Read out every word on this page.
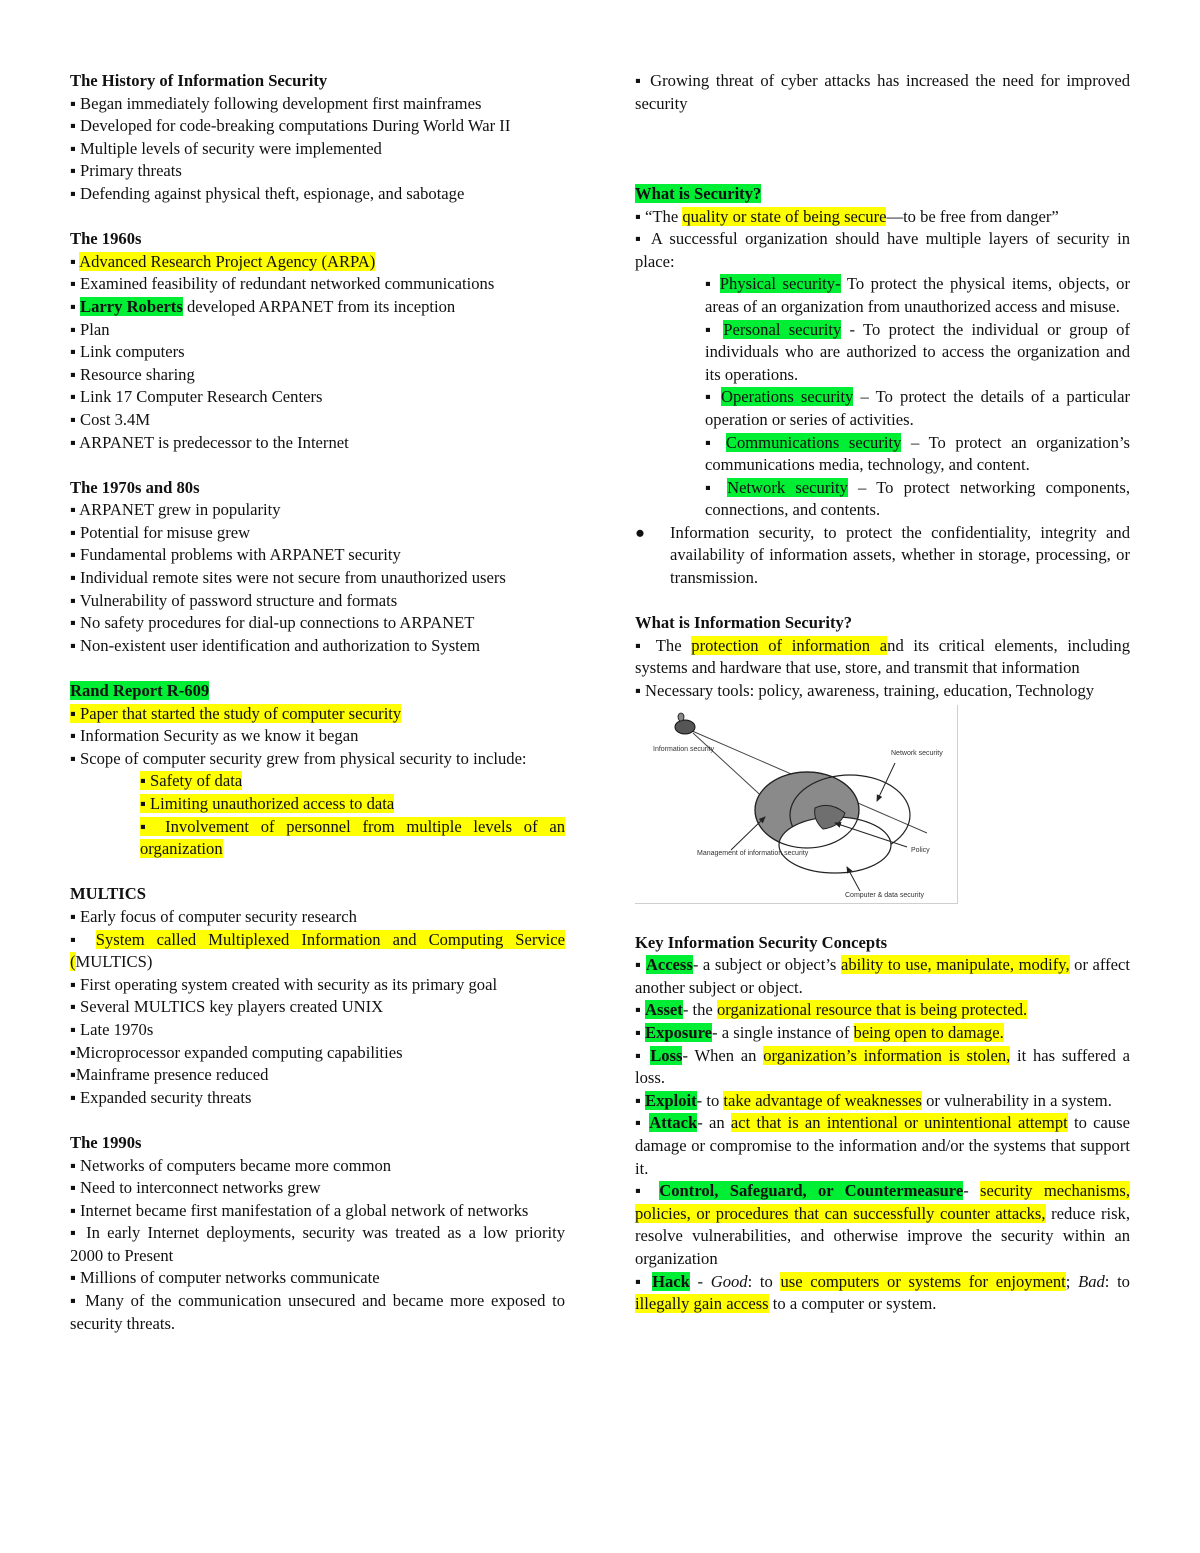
The History of Information Security

▪ Began immediately following development first mainframes

▪ Developed for code-breaking computations During World War II

▪ Multiple levels of security were implemented

▪ Primary threats

▪ Defending against physical theft, espionage, and sabotage

The 1960s

▪ Advanced Research Project Agency (ARPA)

▪ Examined feasibility of redundant networked communications

▪ Larry Roberts developed ARPANET from its inception

▪ Plan

▪ Link computers

▪ Resource sharing

▪ Link 17 Computer Research Centers

▪ Cost 3.4M

▪ ARPANET is predecessor to the Internet

The 1970s and 80s

▪ ARPANET grew in popularity

▪ Potential for misuse grew

▪ Fundamental problems with ARPANET security

▪ Individual remote sites were not secure from unauthorized users

▪ Vulnerability of password structure and formats

▪ No safety procedures for dial-up connections to ARPANET

▪ Non-existent user identification and authorization to System

Rand Report R-609

▪ Paper that started the study of computer security

▪ Information Security as we know it began

▪ Scope of computer security grew from physical security to include:

▪ Safety of data

▪ Limiting unauthorized access to data

▪ Involvement of personnel from multiple levels of an organization

MULTICS

▪ Early focus of computer security research

▪ System called Multiplexed Information and Computing Service (MULTICS)

▪ First operating system created with security as its primary goal

▪ Several MULTICS key players created UNIX

▪ Late 1970s

▪Microprocessor expanded computing capabilities

▪Mainframe presence reduced

▪ Expanded security threats

The 1990s

▪ Networks of computers became more common

▪ Need to interconnect networks grew

▪ Internet became first manifestation of a global network of networks

▪ In early Internet deployments, security was treated as a low priority 2000 to Present

▪ Millions of computer networks communicate

▪ Many of the communication unsecured and became more exposed to security threats.

▪ Growing threat of cyber attacks has increased the need for improved security

What is Security?

▪ “The quality or state of being secure—to be free from danger”

▪ A successful organization should have multiple layers of security in place:

▪ Physical security- To protect the physical items, objects, or areas of an organization from unauthorized access and misuse.

▪ Personal security - To protect the individual or group of individuals who are authorized to access the organization and its operations.

▪ Operations security – To protect the details of a particular operation or series of activities.

▪ Communications security – To protect an organization’s communications media, technology, and content.

▪ Network security – To protect networking components, connections, and contents.

● Information security, to protect the confidentiality, integrity and availability of information assets, whether in storage, processing, or transmission.

What is Information Security?

▪ The protection of information and its critical elements, including systems and hardware that use, store, and transmit that information

▪ Necessary tools: policy, awareness, training, education, Technology

Information security
Network security
Management of information security	Policy
Computer & data security

Key Information Security Concepts

▪ Access- a subject or object’s ability to use, manipulate, modify, or affect another subject or object.

▪ Asset- the organizational resource that is being protected.

▪ Exposure- a single instance of being open to damage.

▪ Loss- When an organization’s information is stolen, it has suffered a loss.

▪ Exploit- to take advantage of weaknesses or vulnerability in a system.

▪ Attack- an act that is an intentional or unintentional attempt to cause damage or compromise to the information and/or the systems that support it.

▪ Control, Safeguard, or Countermeasure- security mechanisms, policies, or procedures that can successfully counter attacks, reduce risk, resolve vulnerabilities, and otherwise improve the security within an organization

▪ Hack - Good: to use computers or systems for enjoyment; Bad: to illegally gain access to a computer or system.
